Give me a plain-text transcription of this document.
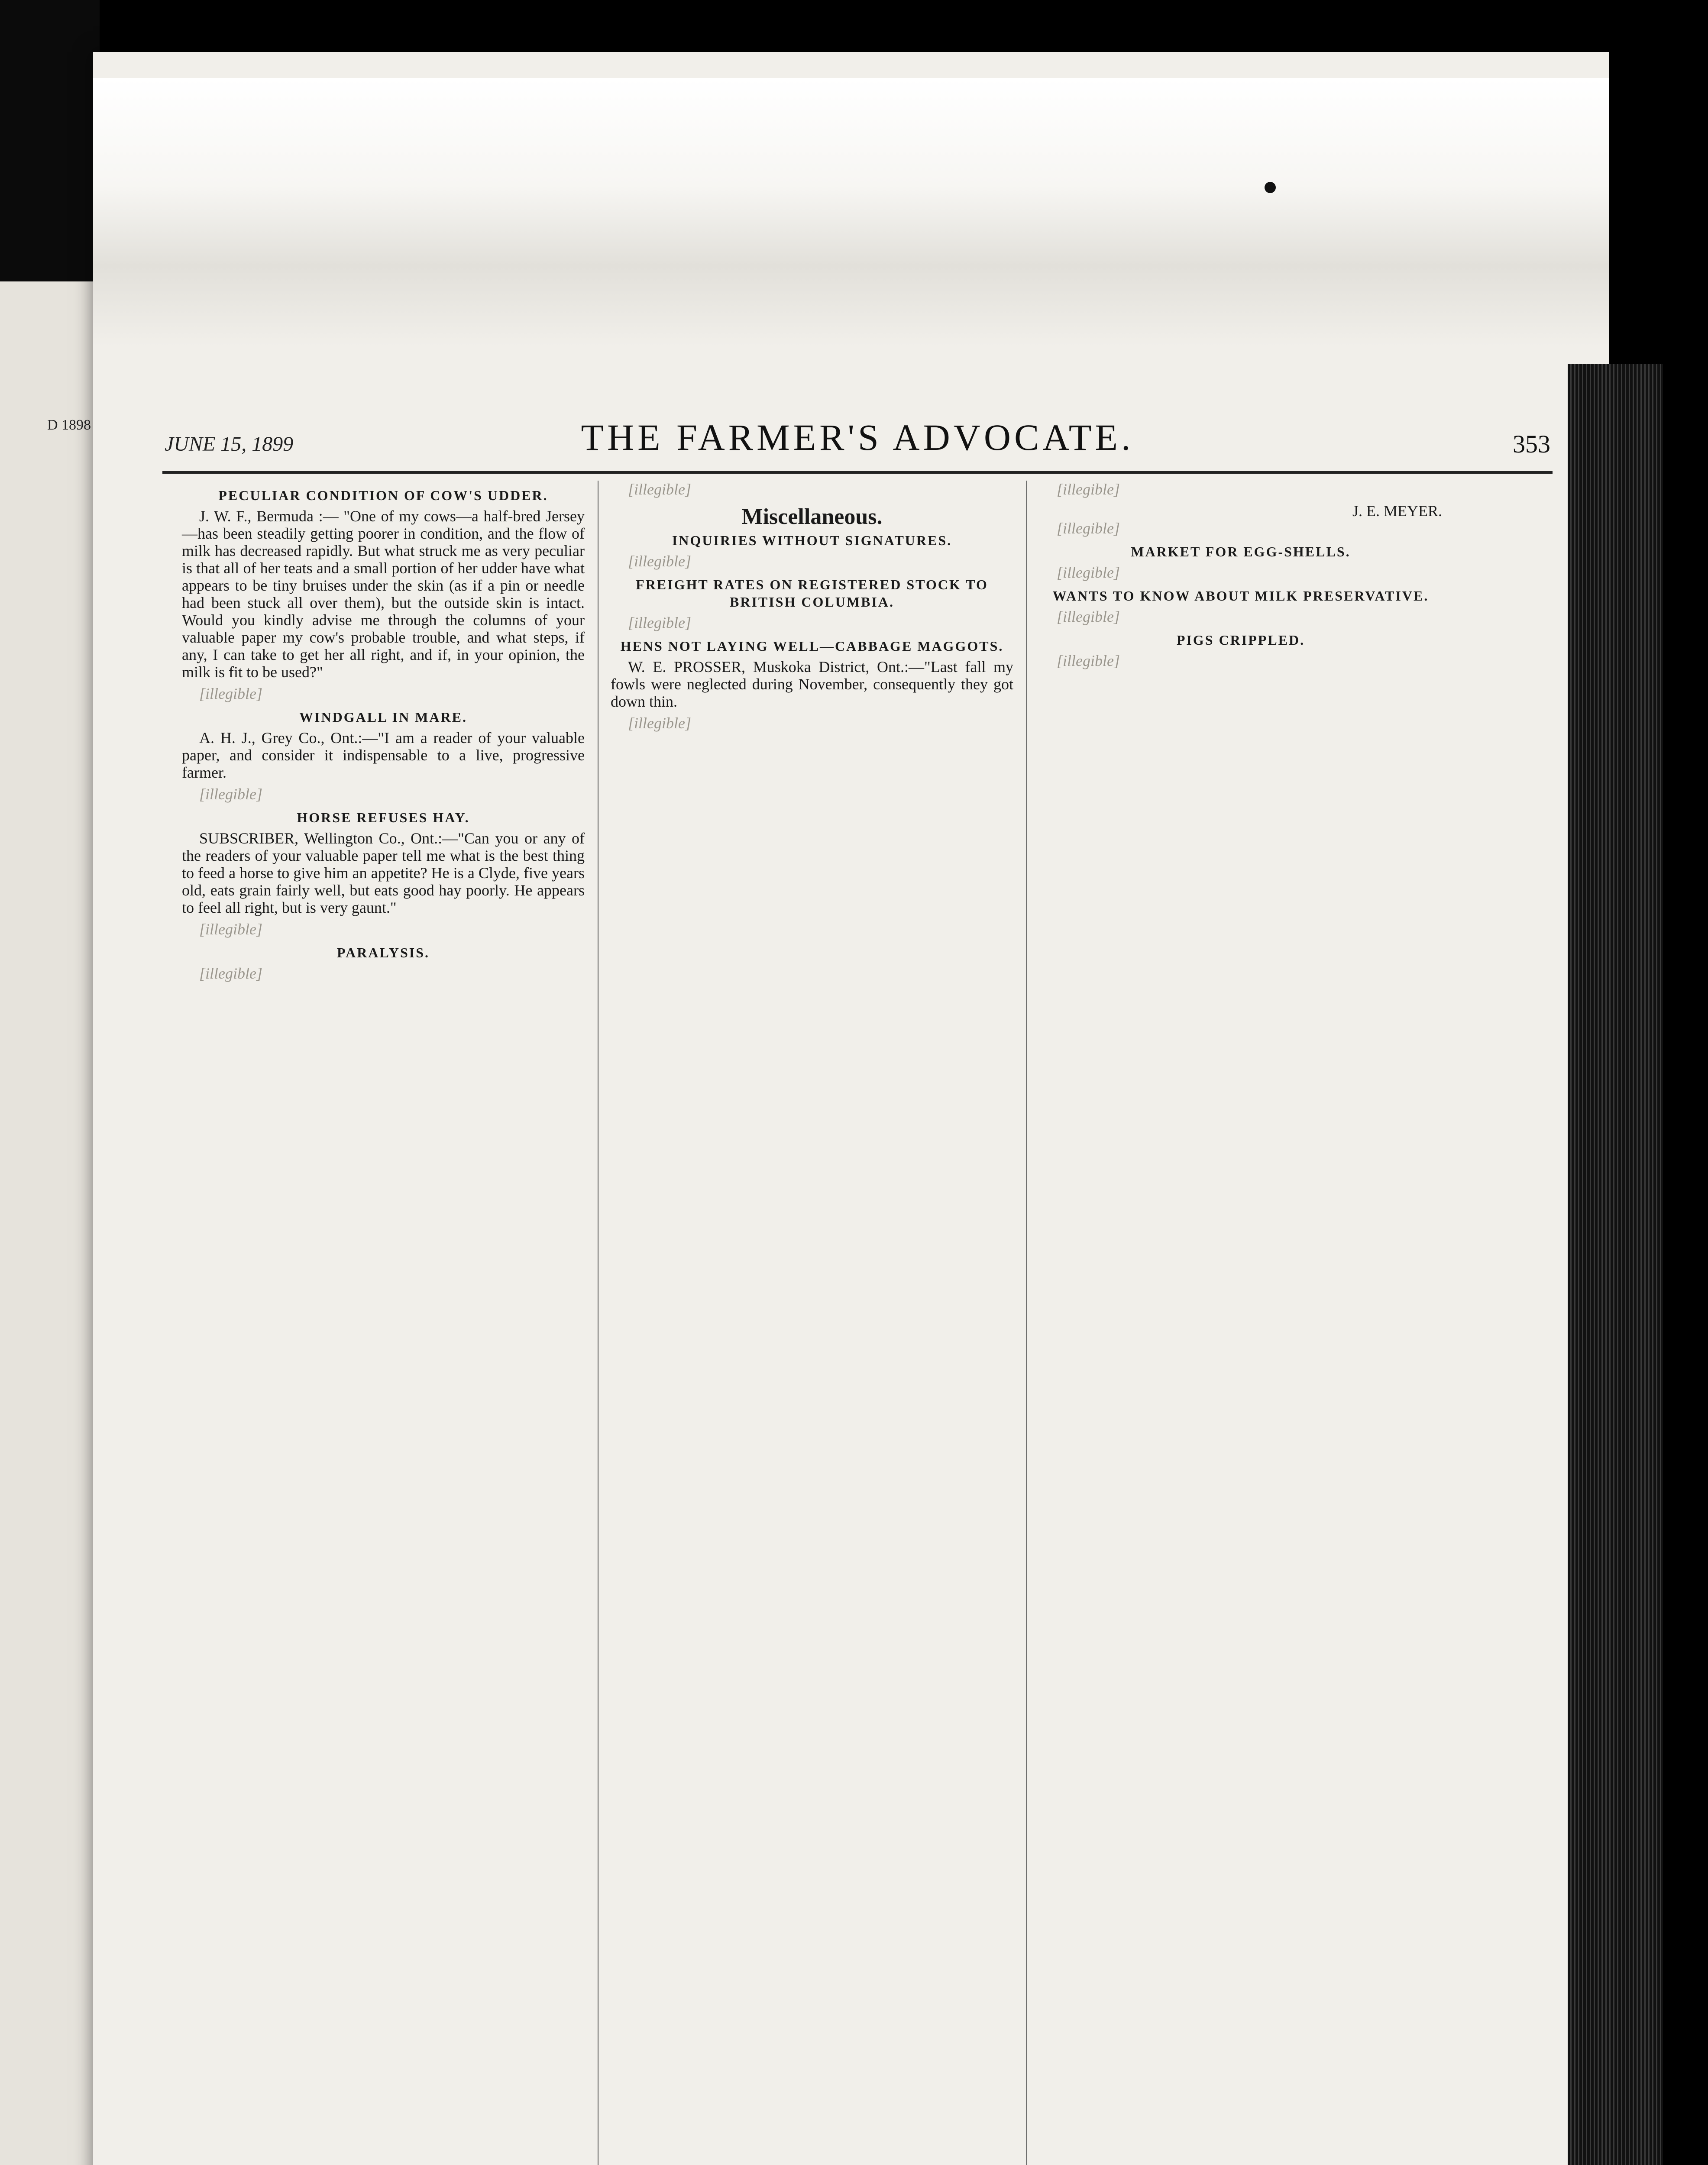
D 1898
JUNE 15, 1899	THE FARMER'S ADVOCATE.	353
PECULIAR CONDITION OF COW'S UDDER.

J. W. F., Bermuda :— "One of my cows—a half-bred Jersey—has been steadily getting poorer in condition, and the flow of milk has decreased rapidly. But what struck me as very peculiar is that all of her teats and a small portion of her udder have what appears to be tiny bruises under the skin (as if a pin or needle had been stuck all over them), but the outside skin is intact. Would you kindly advise me through the columns of your valuable paper my cow's probable trouble, and what steps, if any, I can take to get her all right, and if, in your opinion, the milk is fit to be used?"

[illegible]

WINDGALL IN MARE.

A. H. J., Grey Co., Ont.:—"I am a reader of your valuable paper, and consider it indispensable to a live, progressive farmer.

[illegible]

HORSE REFUSES HAY.

SUBSCRIBER, Wellington Co., Ont.:—"Can you or any of the readers of your valuable paper tell me what is the best thing to feed a horse to give him an appetite? He is a Clyde, five years old, eats grain fairly well, but eats good hay poorly. He appears to feel all right, but is very gaunt."

[illegible]

PARALYSIS.

[illegible]

[illegible]

Miscellaneous.
INQUIRIES WITHOUT SIGNATURES.

[illegible]

FREIGHT RATES ON REGISTERED STOCK TO BRITISH COLUMBIA.

[illegible]

HENS NOT LAYING WELL—CABBAGE MAGGOTS.

W. E. PROSSER, Muskoka District, Ont.:—"Last fall my fowls were neglected during November, consequently they got down thin.

[illegible]

[illegible]

J. E. MEYER.

[illegible]

MARKET FOR EGG-SHELLS.

[illegible]

WANTS TO KNOW ABOUT MILK PRESERVATIVE.

[illegible]

PIGS CRIPPLED.

[illegible]
